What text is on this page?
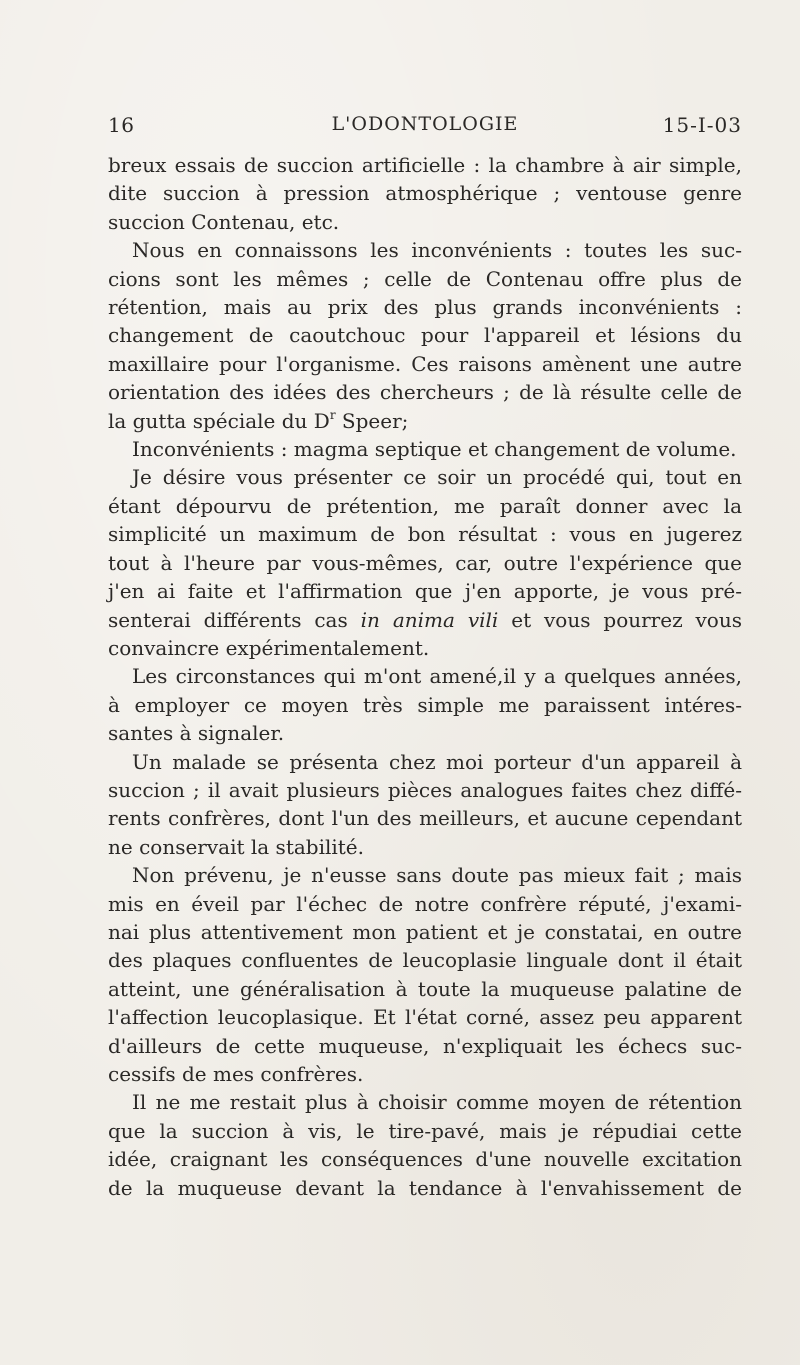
16	L'ODONTOLOGIE	15-I-03

breux essais de succion artificielle : la chambre à air simple,

dite succion à pression atmosphérique ; ventouse genre

succion Contenau, etc.

Nous en connaissons les inconvénients : toutes les suc-

cions sont les mêmes ; celle de Contenau offre plus de

rétention, mais au prix des plus grands inconvénients :

changement de caoutchouc pour l'appareil et lésions du

maxillaire pour l'organisme. Ces raisons amènent une autre

orientation des idées des chercheurs ; de là résulte celle de

la gutta spéciale du $D^r$ Speer;

Inconvénients : magma septique et changement de volume.

Je désire vous présenter ce soir un procédé qui, tout en

étant dépourvu de prétention, me paraît donner avec la

simplicité un maximum de bon résultat : vous en jugerez

tout à l'heure par vous-mêmes, car, outre l'expérience que

j'en ai faite et l'affirmation que j'en apporte, je vous pré-

senterai différents cas in anima vili et vous pourrez vous

convaincre expérimentalement.

Les circonstances qui m'ont amené,il y a quelques années,

à employer ce moyen très simple me paraissent intéres-

santes à signaler.

Un malade se présenta chez moi porteur d'un appareil à

succion ; il avait plusieurs pièces analogues faites chez diffé-

rents confrères, dont l'un des meilleurs, et aucune cependant

ne conservait la stabilité.

Non prévenu, je n'eusse sans doute pas mieux fait ; mais

mis en éveil par l'échec de notre confrère réputé, j'exami-

nai plus attentivement mon patient et je constatai, en outre

des plaques confluentes de leucoplasie linguale dont il était

atteint, une généralisation à toute la muqueuse palatine de

l'affection leucoplasique. Et l'état corné, assez peu apparent

d'ailleurs de cette muqueuse, n'expliquait les échecs suc-

cessifs de mes confrères.

Il ne me restait plus à choisir comme moyen de rétention

que la succion à vis, le tire-pavé, mais je répudiai cette

idée, craignant les conséquences d'une nouvelle excitation

de la muqueuse devant la tendance à l'envahissement de
